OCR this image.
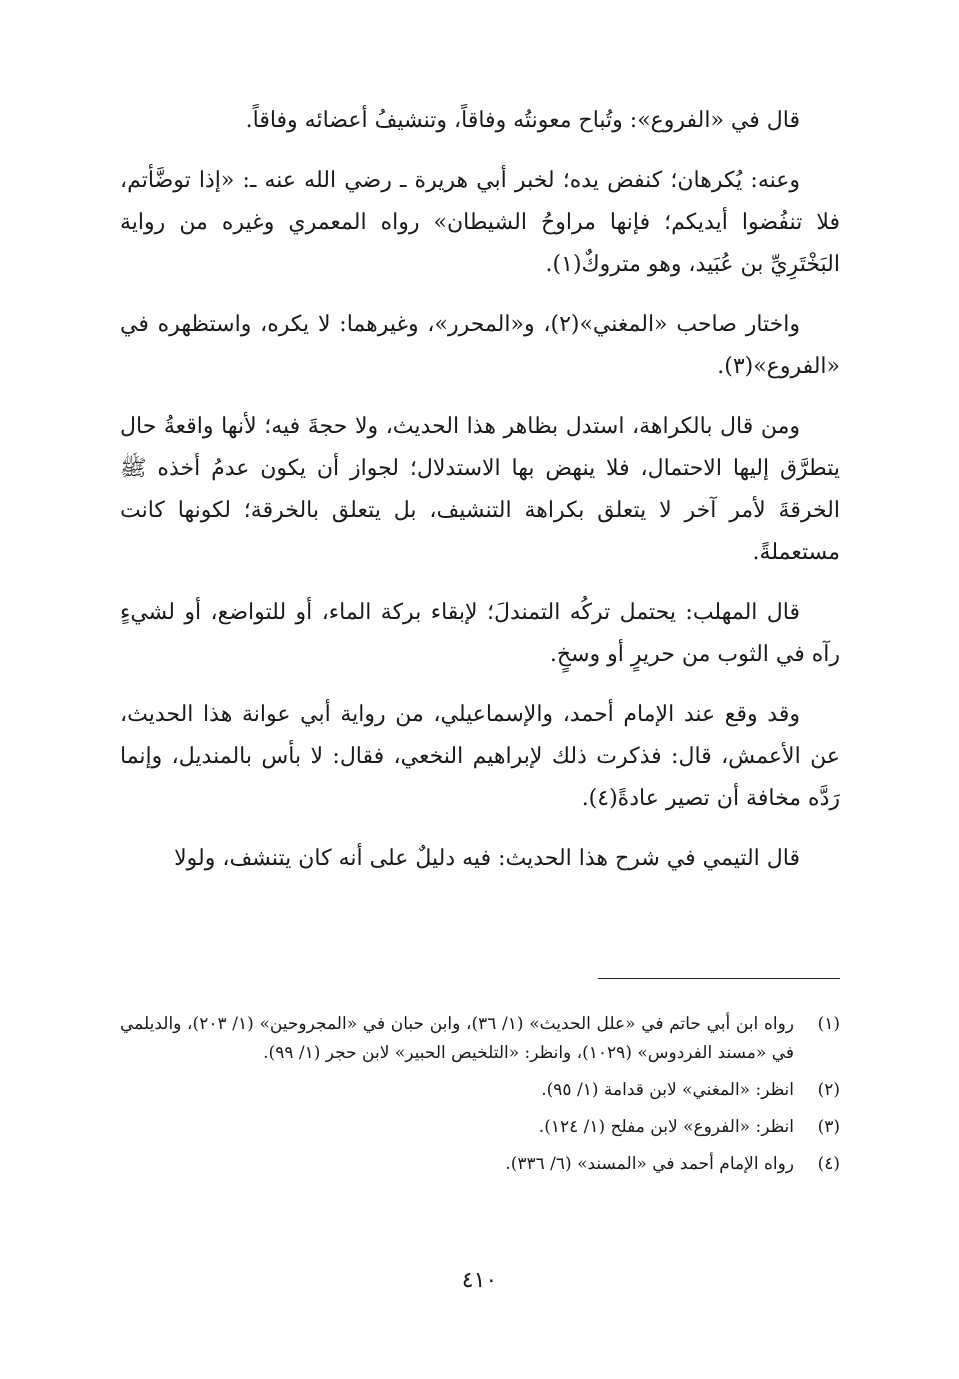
قال في «الفروع»: وتُباح معونتُه وفاقاً، وتنشيفُ أعضائه وفاقاً.

وعنه: يُكرهان؛ كنفض يده؛ لخبر أبي هريرة ـ رضي الله عنه ـ: «إذا توضَّأتم، فلا تنفُضوا أيديكم؛ فإنها مراوحُ الشيطان» رواه المعمري وغيره من رواية البَخْتَرِيِّ بن عُبَيد، وهو متروكٌ(١).

واختار صاحب «المغني»(٢)، و«المحرر»، وغيرهما: لا يكره، واستظهره في «الفروع»(٣).

ومن قال بالكراهة، استدل بظاهر هذا الحديث، ولا حجةَ فيه؛ لأنها واقعةُ حال يتطرَّق إليها الاحتمال، فلا ينهض بها الاستدلال؛ لجواز أن يكون عدمُ أخذه ﷺ الخرقةَ لأمر آخر لا يتعلق بكراهة التنشيف، بل يتعلق بالخرقة؛ لكونها كانت مستعملةً.

قال المهلب: يحتمل تركُه التمندلَ؛ لإبقاء بركة الماء، أو للتواضع، أو لشيءٍ رآه في الثوب من حريرٍ أو وسخٍ.

وقد وقع عند الإمام أحمد، والإسماعيلي، من رواية أبي عوانة هذا الحديث، عن الأعمش، قال: فذكرت ذلك لإبراهيم النخعي، فقال: لا بأس بالمنديل، وإنما رَدَّه مخافة أن تصير عادةً(٤).

قال التيمي في شرح هذا الحديث: فيه دليلٌ على أنه كان يتنشف، ولولا

(١)
رواه ابن أبي حاتم في «علل الحديث» (١/ ٣٦)، وابن حبان في «المجروحين» (١/ ٢٠٣)، والديلمي في «مسند الفردوس» (١٠٢٩)، وانظر: «التلخيص الحبير» لابن حجر (١/ ٩٩).
(٢)
انظر: «المغني» لابن قدامة (١/ ٩٥).
(٣)
انظر: «الفروع» لابن مفلح (١/ ١٢٤).
(٤)
رواه الإمام أحمد في «المسند» (٦/ ٣٣٦).
٤١٠
